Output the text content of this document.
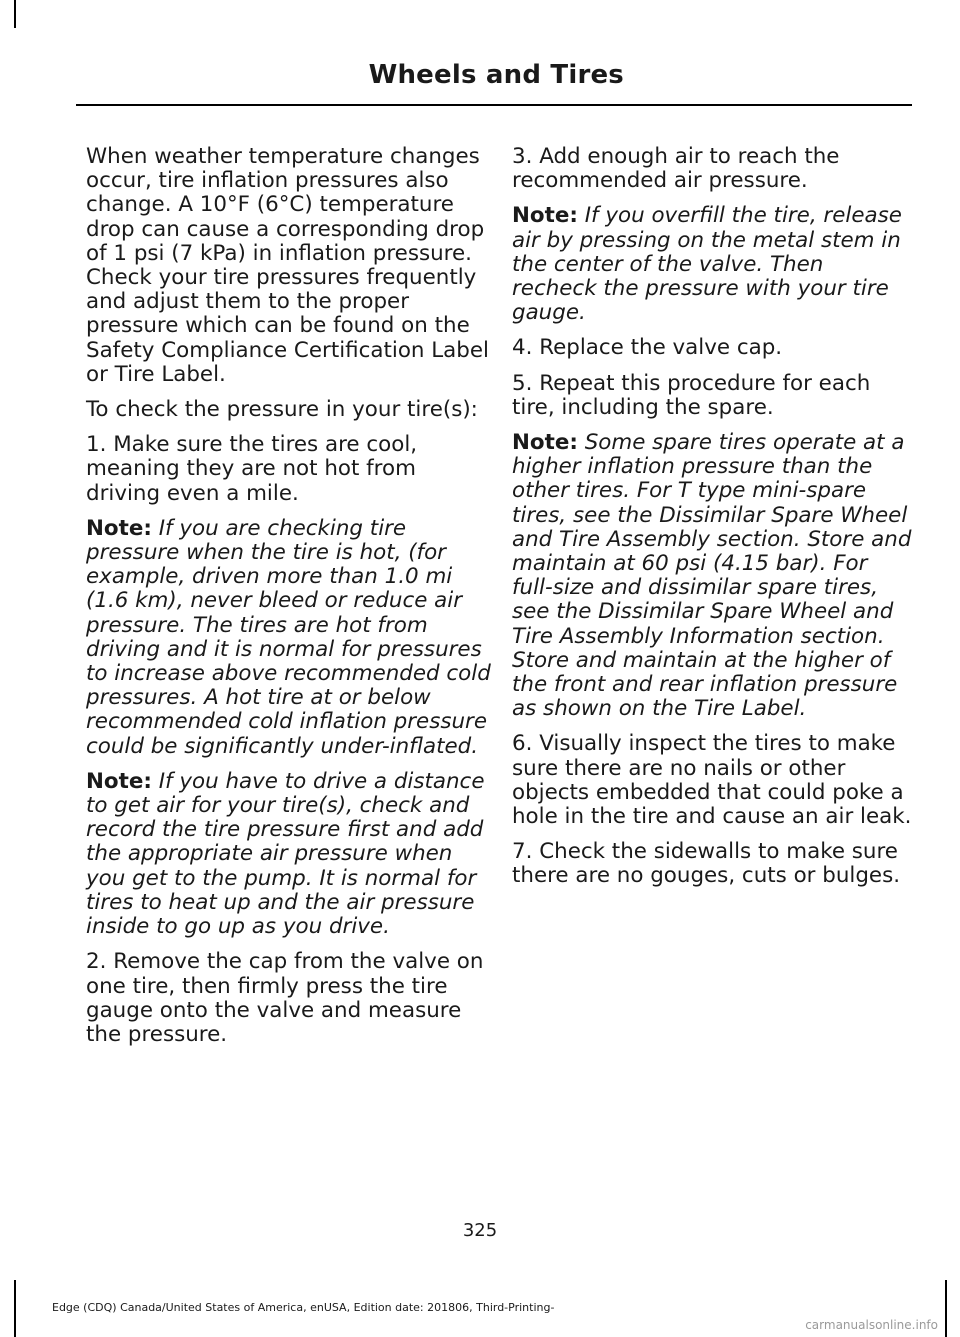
Wheels and Tires

When weather temperature changes occur, tire inflation pressures also change. A 10°F (6°C) temperature drop can cause a corresponding drop of 1 psi (7 kPa) in inflation pressure. Check your tire pressures frequently and adjust them to the proper pressure which can be found on the Safety Compliance Certification Label or Tire Label.

To check the pressure in your tire(s):

1. Make sure the tires are cool, meaning they are not hot from driving even a mile.

Note: If you are checking tire pressure when the tire is hot, (for example, driven more than 1.0 mi (1.6 km), never bleed or reduce air pressure. The tires are hot from driving and it is normal for pressures to increase above recommended cold pressures. A hot tire at or below recommended cold inflation pressure could be significantly under-inflated.

Note: If you have to drive a distance to get air for your tire(s), check and record the tire pressure first and add the appropriate air pressure when you get to the pump. It is normal for tires to heat up and the air pressure inside to go up as you drive.

2. Remove the cap from the valve on one tire, then firmly press the tire gauge onto the valve and measure the pressure.

3. Add enough air to reach the recommended air pressure.

Note: If you overfill the tire, release air by pressing on the metal stem in the center of the valve. Then recheck the pressure with your tire gauge.

4. Replace the valve cap.

5. Repeat this procedure for each tire, including the spare.

Note: Some spare tires operate at a higher inflation pressure than the other tires. For T type mini-spare tires, see the Dissimilar Spare Wheel and Tire Assembly section. Store and maintain at 60 psi (4.15 bar). For full-size and dissimilar spare tires, see the Dissimilar Spare Wheel and Tire Assembly Information section. Store and maintain at the higher of the front and rear inflation pressure as shown on the Tire Label.

6. Visually inspect the tires to make sure there are no nails or other objects embedded that could poke a hole in the tire and cause an air leak.

7. Check the sidewalls to make sure there are no gouges, cuts or bulges.

325
Edge (CDQ) Canada/United States of America, enUSA, Edition date: 201806, Third-Printing-
carmanualsonline.info
